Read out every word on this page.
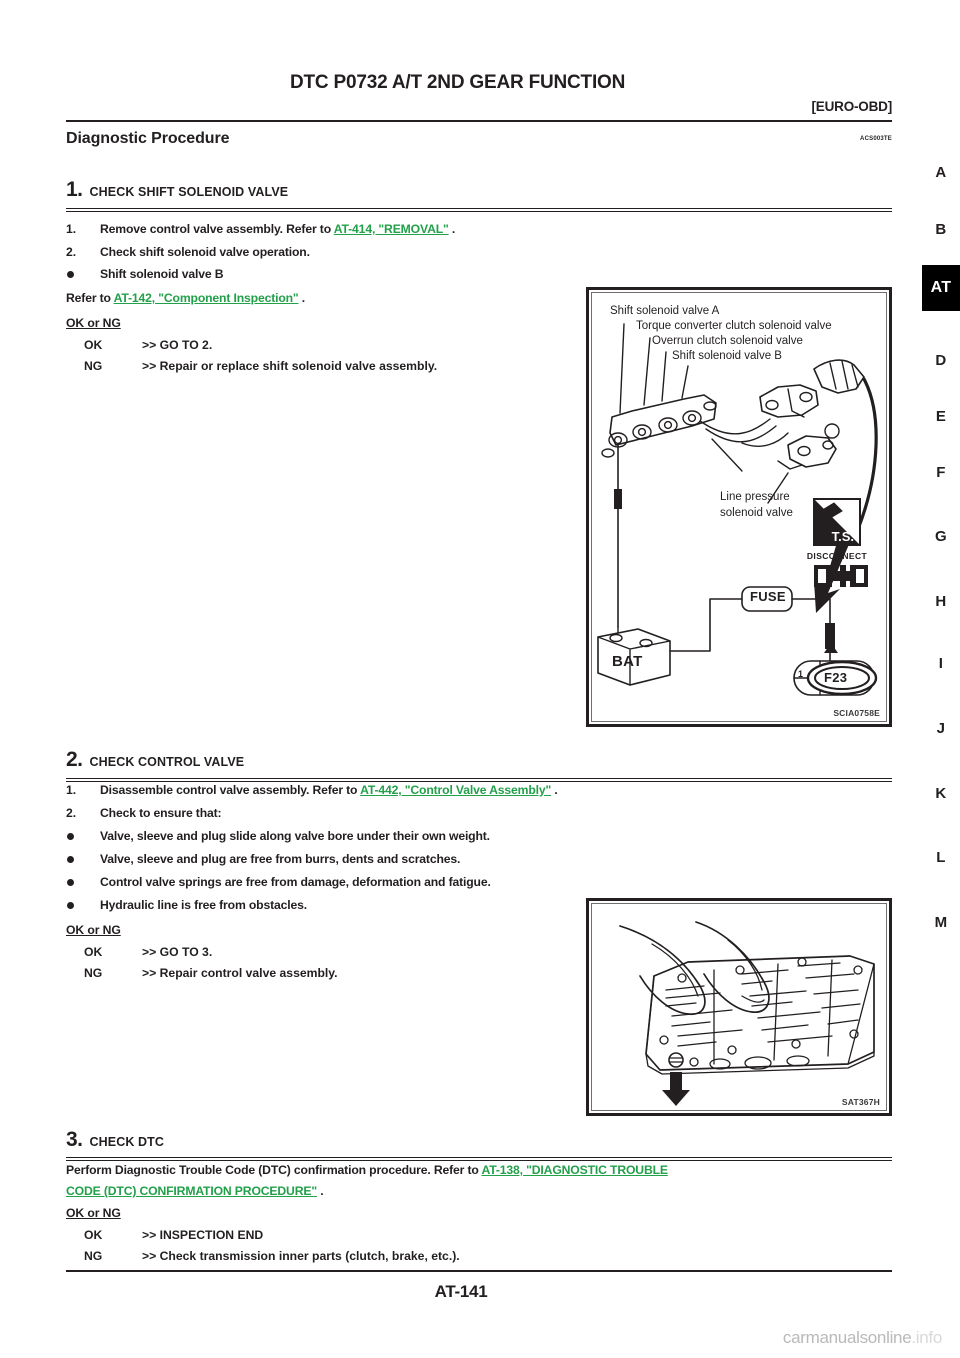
DTC P0732 A/T 2ND GEAR FUNCTION
[EURO-OBD]
Diagnostic Procedure	ACS003TE
1. CHECK SHIFT SOLENOID VALVE
1. Remove control valve assembly. Refer to AT-414, "REMOVAL" .
2. Check shift solenoid valve operation.
Shift solenoid valve B
Refer to AT-142, "Component Inspection" .
OK or NG
OK	>> GO TO 2.
NG	>> Repair or replace shift solenoid valve assembly.
T.S.
DISCONNECT
Shift solenoid valve A
Torque converter clutch solenoid valve
Overrun clutch solenoid valve
Shift solenoid valve B
Line pressure
solenoid valve
FUSE
BAT
1 F23
SCIA0758E
2. CHECK CONTROL VALVE
1. Disassemble control valve assembly. Refer to AT-442, "Control Valve Assembly" .
2. Check to ensure that:
Valve, sleeve and plug slide along valve bore under their own weight.
Valve, sleeve and plug are free from burrs, dents and scratches.
Control valve springs are free from damage, deformation and fatigue.
Hydraulic line is free from obstacles.
OK or NG
OK	>> GO TO 3.
NG	>> Repair control valve assembly.
SAT367H
3. CHECK DTC
Perform Diagnostic Trouble Code (DTC) confirmation procedure. Refer to AT-138, "DIAGNOSTIC TROUBLE
CODE (DTC) CONFIRMATION PROCEDURE" .
OK or NG
OK	>> INSPECTION END
NG	>> Check transmission inner parts (clutch, brake, etc.).
AT-141
A
B
AT
D
E
F
G
H
I
J
K
L
M
carmanualsonline.info
